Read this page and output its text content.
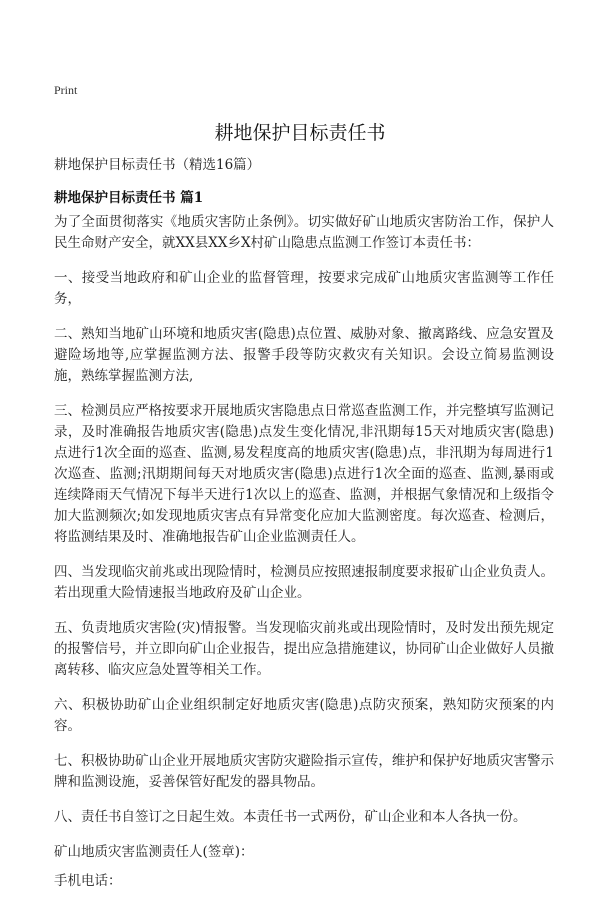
Print
耕地保护目标责任书

耕地保护目标责任书（精选16篇）

耕地保护目标责任书 篇1

为了全面贯彻落实《地质灾害防止条例》。切实做好矿山地质灾害防治工作，保护人民生命财产安全，就XX县XX乡X村矿山隐患点监测工作签订本责任书：

一、接受当地政府和矿山企业的监督管理，按要求完成矿山地质灾害监测等工作任务，

二、熟知当地矿山环境和地质灾害(隐患)点位置、威胁对象、撤离路线、应急安置及避险场地等,应掌握监测方法、报警手段等防灾救灾有关知识。会设立简易监测设施，熟练掌握监测方法,

三、检测员应严格按要求开展地质灾害隐患点日常巡查监测工作，并完整填写监测记录，及时准确报告地质灾害(隐患)点发生变化情况,非汛期每15天对地质灾害(隐患)点进行1次全面的巡查、监测,易发程度高的地质灾害(隐患)点，非汛期为每周进行1次巡查、监测;汛期期间每天对地质灾害(隐患)点进行1次全面的巡查、监测,暴雨或连续降雨天气情况下每半天进行1次以上的巡查、监测，并根据气象情况和上级指令加大监测频次;如发现地质灾害点有异常变化应加大监测密度。每次巡查、检测后，将监测结果及时、准确地报告矿山企业监测责任人。

四、当发现临灾前兆或出现险情时，检测员应按照速报制度要求报矿山企业负责人。若出现重大险情速报当地政府及矿山企业。

五、负责地质灾害险(灾)情报警。当发现临灾前兆或出现险情时，及时发出预先规定的报警信号，并立即向矿山企业报告，提出应急措施建议，协同矿山企业做好人员撤离转移、临灾应急处置等相关工作。

六、积极协助矿山企业组织制定好地质灾害(隐患)点防灾预案，熟知防灾预案的内容。

七、积极协助矿山企业开展地质灾害防灾避险指示宣传，维护和保护好地质灾害警示牌和监测设施，妥善保管好配发的器具物品。

八、责任书自签订之日起生效。本责任书一式两份，矿山企业和本人各执一份。

矿山地质灾害监测责任人(签章)：

手机电话：
